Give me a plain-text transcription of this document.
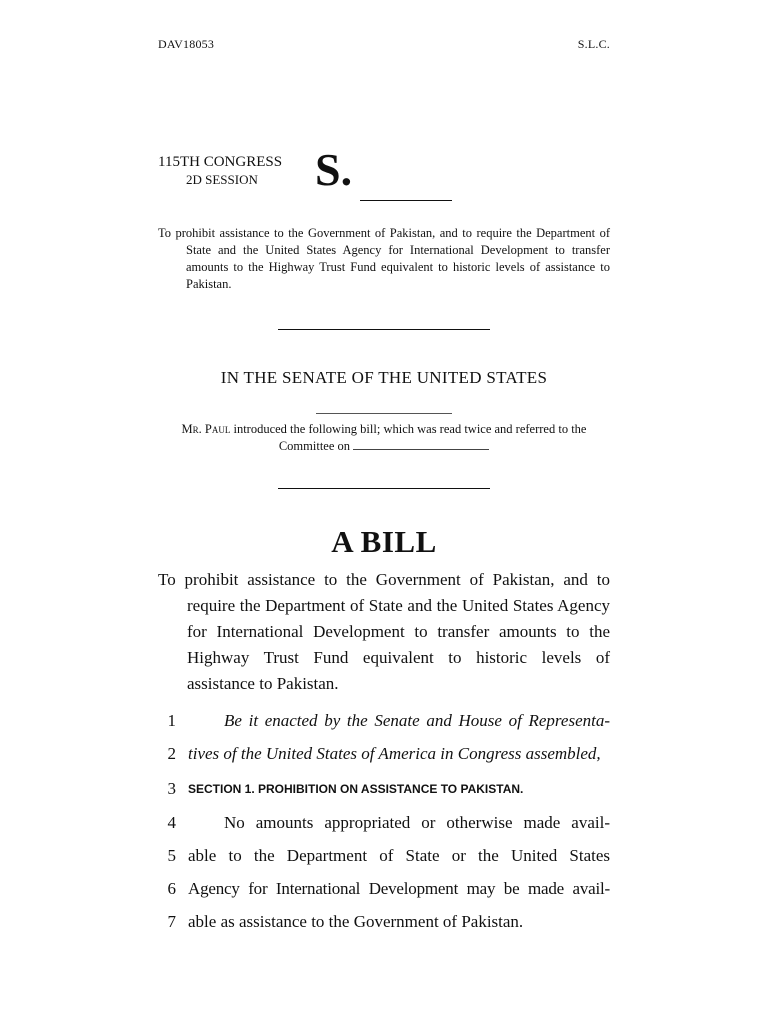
DAV18053	S.L.C.
115TH CONGRESS
2D SESSION S.
To prohibit assistance to the Government of Pakistan, and to require the Department of State and the United States Agency for International Development to transfer amounts to the Highway Trust Fund equivalent to historic levels of assistance to Pakistan.
IN THE SENATE OF THE UNITED STATES
Mr. Paul introduced the following bill; which was read twice and referred to the Committee on
A BILL
To prohibit assistance to the Government of Pakistan, and to require the Department of State and the United States Agency for International Development to transfer amounts to the Highway Trust Fund equivalent to historic levels of assistance to Pakistan.
1	Be it enacted by the Senate and House of Representa-
2 tives of the United States of America in Congress assembled,
3 SECTION 1. PROHIBITION ON ASSISTANCE TO PAKISTAN.
4	No amounts appropriated or otherwise made avail-
5 able to the Department of State or the United States
6 Agency for International Development may be made avail-
7 able as assistance to the Government of Pakistan.
